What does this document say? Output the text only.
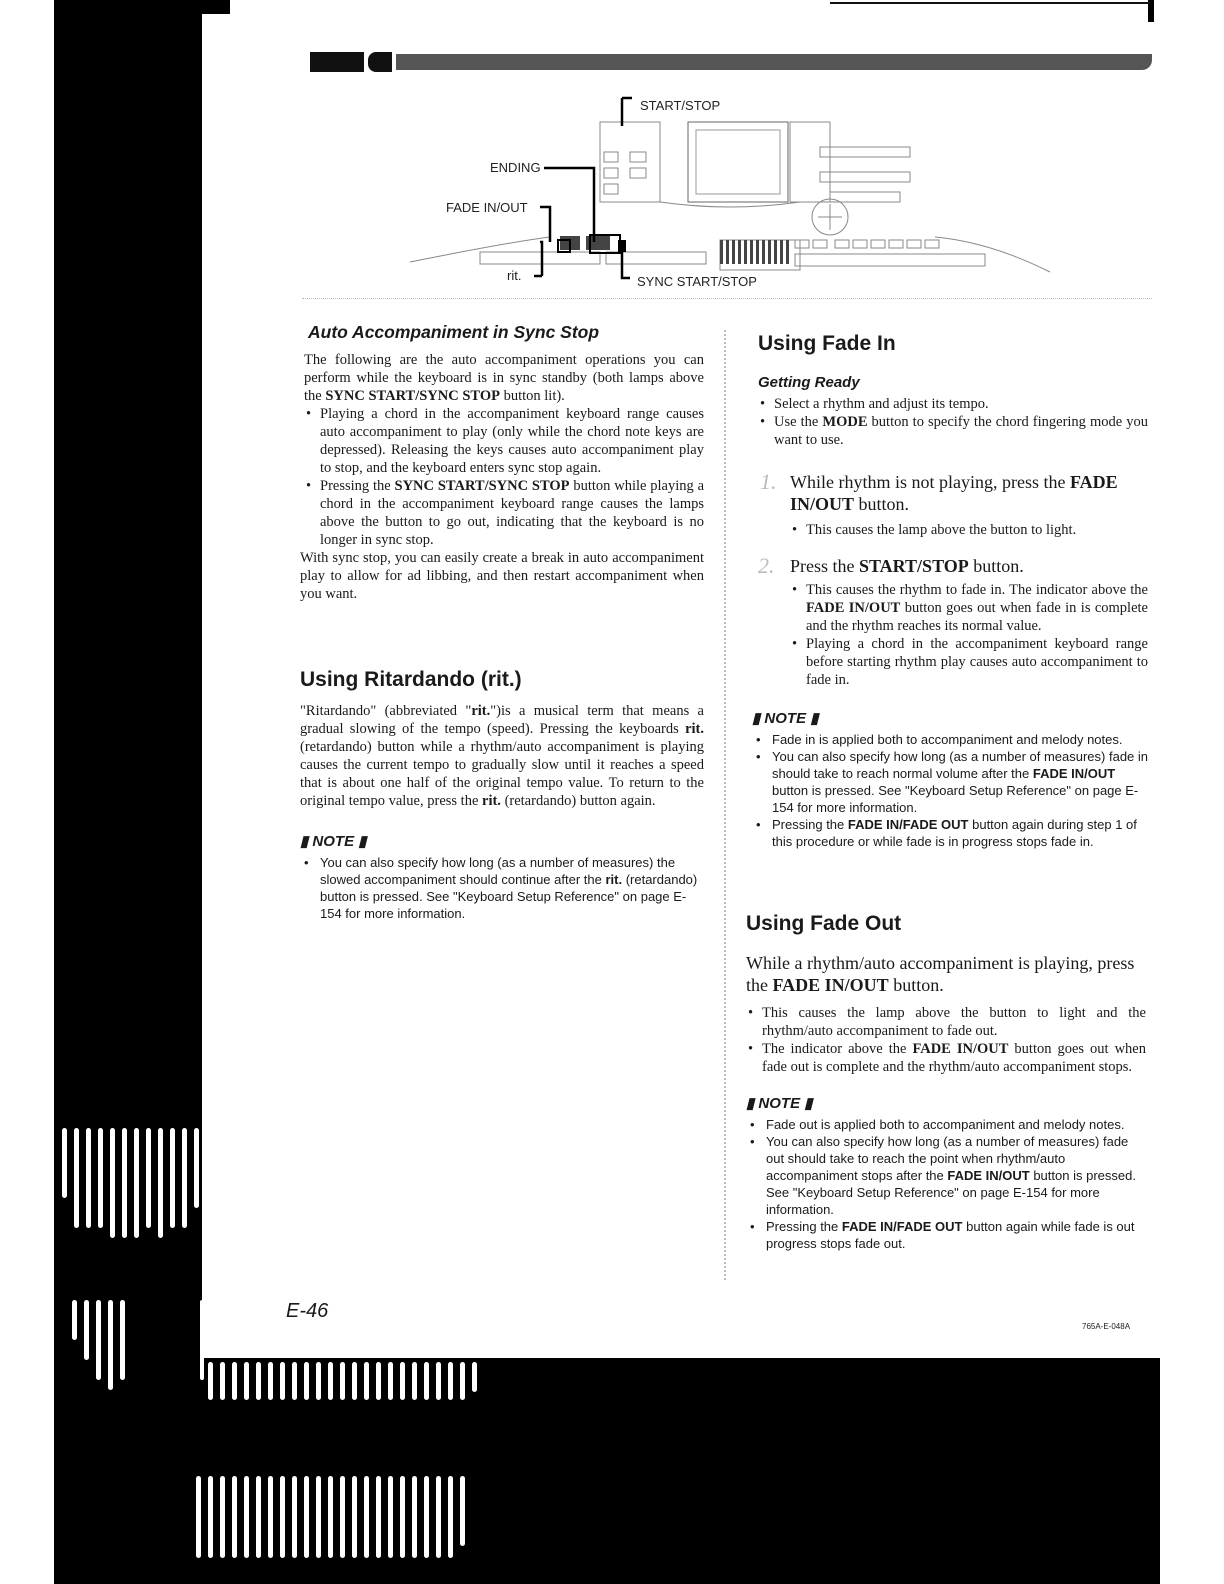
START/STOP
ENDING
FADE IN/OUT
rit.	SYNC START/STOP
Auto Accompaniment in Sync Stop

The following are the auto accompaniment operations you can perform while the keyboard is in sync standby (both lamps above the SYNC START/SYNC STOP button lit).

• Playing a chord in the accompaniment keyboard range causes auto accompaniment to play (only while the chord note keys are depressed). Releasing the keys causes auto accompaniment play to stop, and the keyboard enters sync stop again.
• Pressing the SYNC START/SYNC STOP button while playing a chord in the accompaniment keyboard range causes the lamps above the button to go out, indicating that the keyboard is no longer in sync stop.

With sync stop, you can easily create a break in auto accompaniment play to allow for ad libbing, and then restart accompaniment when you want.

Using Ritardando (rit.)

"Ritardando" (abbreviated "rit.")is a musical term that means a gradual slowing of the tempo (speed). Pressing the keyboards rit. (retardando) button while a rhythm/auto accompaniment is playing causes the current tempo to gradually slow until it reaches a speed that is about one half of the original tempo value. To return to the original tempo value, press the rit. (retardando) button again.

▮ NOTE ▮
• You can also specify how long (as a number of measures) the slowed accompaniment should continue after the rit. (retardando) button is pressed. See "Keyboard Setup Reference" on page E-154 for more information.
Using Fade In
Getting Ready
• Select a rhythm and adjust its tempo.
• Use the MODE button to specify the chord fingering mode you want to use.
1. While rhythm is not playing, press the FADE IN/OUT button.

• This causes the lamp above the button to light.
2. Press the START/STOP button.

• This causes the rhythm to fade in. The indicator above the FADE IN/OUT button goes out when fade in is complete and the rhythm reaches its normal value.
• Playing a chord in the accompaniment keyboard range before starting rhythm play causes auto accompaniment to fade in.
▮ NOTE ▮
• Fade in is applied both to accompaniment and melody notes.
• You can also specify how long (as a number of measures) fade in should take to reach normal volume after the FADE IN/OUT button is pressed. See "Keyboard Setup Reference" on page E-154 for more information.
• Pressing the FADE IN/FADE OUT button again during step 1 of this procedure or while fade is in progress stops fade in.
Using Fade Out

While a rhythm/auto accompaniment is playing, press the FADE IN/OUT button.

• This causes the lamp above the button to light and the rhythm/auto accompaniment to fade out.
• The indicator above the FADE IN/OUT button goes out when fade out is complete and the rhythm/auto accompaniment stops.
▮ NOTE ▮
• Fade out is applied both to accompaniment and melody notes.
• You can also specify how long (as a number of measures) fade out should take to reach the point when rhythm/auto accompaniment stops after the FADE IN/OUT button is pressed. See "Keyboard Setup Reference" on page E-154 for more information.
• Pressing the FADE IN/FADE OUT button again while fade is out progress stops fade out.
E-46
765A-E-048A
